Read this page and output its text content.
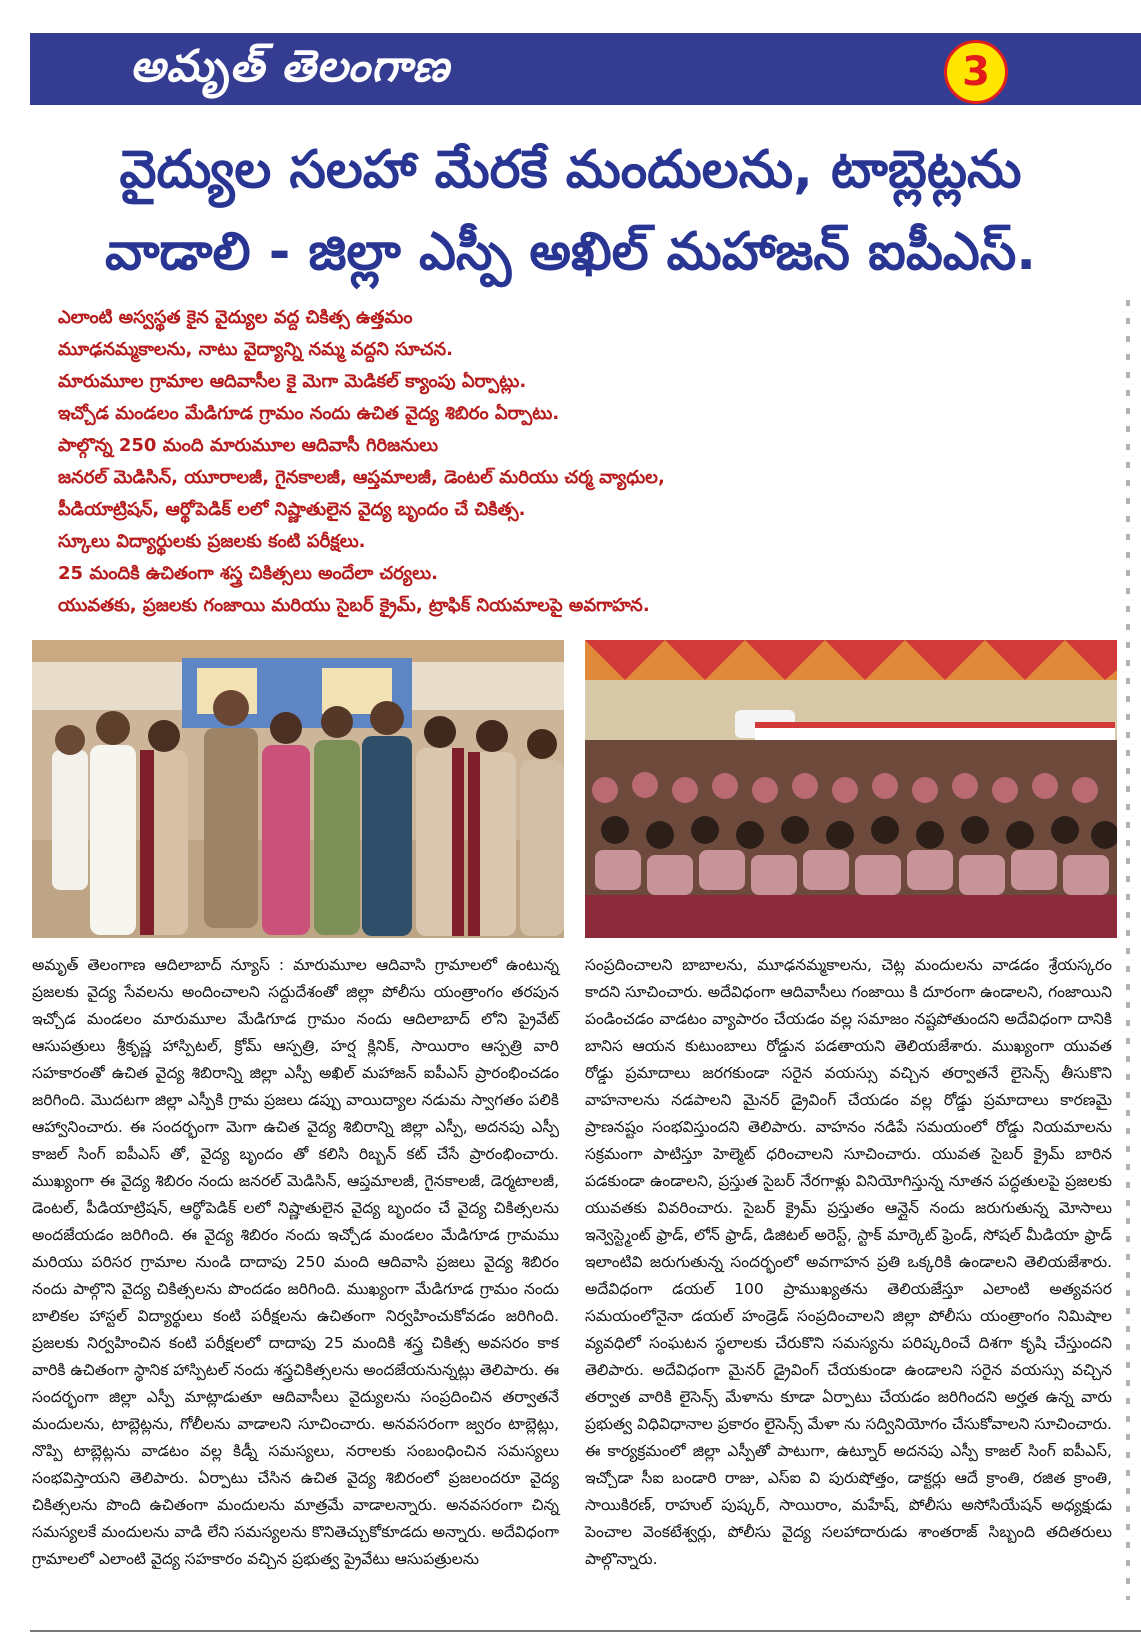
అమృత్ తెలంగాణ	3
వైద్యుల సలహా మేరకే మందులను, టాబ్లెట్లను
వాడాలి - జిల్లా ఎస్పీ అఖిల్ మహాజన్ ఐపీఎస్.
ఎలాంటి అస్వస్థత కైన వైద్యుల వద్ద చికిత్స ఉత్తమం
మూఢనమ్మకాలను, నాటు వైద్యాన్ని నమ్మ వద్దని సూచన.
మారుమూల గ్రామాల ఆదివాసీల కై మెగా మెడికల్ క్యాంపు ఏర్పాట్లు.
ఇచ్చోడ మండలం మేడిగూడ గ్రామం నందు ఉచిత వైద్య శిబిరం ఏర్పాటు.
పాల్గొన్న 250 మంది మారుమూల ఆదివాసీ గిరిజనులు
జనరల్ మెడిసిన్, యూరాలజీ, గైనకాలజీ, ఆప్తమాలజీ, డెంటల్ మరియు చర్మ వ్యాధుల,
పీడియాట్రిషన్, ఆర్థోపెడిక్ లలో నిష్ణాతులైన వైద్య బృందం చే చికిత్స.
స్కూలు విద్యార్థులకు ప్రజలకు కంటి పరీక్షలు.
25 మందికి ఉచితంగా శస్త్ర చికిత్సలు అందేలా చర్యలు.
యువతకు, ప్రజలకు గంజాయి మరియు సైబర్ క్రైమ్, ట్రాఫిక్ నియమాలపై అవగాహన.

అమృత్ తెలంగాణ ఆదిలాబాద్ న్యూస్ : మారుమూల ఆదివాసి గ్రామాలలో ఉంటున్న ప్రజలకు వైద్య సేవలను అందించాలని సద్దుదేశంతో జిల్లా పోలీసు యంత్రాంగం తరపున ఇచ్చోడ మండలం మారుమూల మేడిగూడ గ్రామం నందు ఆదిలాబాద్ లోని ప్రైవేట్ ఆసుపత్రులు శ్రీకృష్ణ హాస్పిటల్, క్రోమ్ ఆస్పత్రి, హర్ష క్లినిక్, సాయిరాం ఆస్పత్రి వారి సహకారంతో ఉచిత వైద్య శిబిరాన్ని జిల్లా ఎస్పీ అఖిల్ మహాజన్ ఐపీఎస్ ప్రారంభించడం జరిగింది. మొదటగా జిల్లా ఎస్పీకి గ్రామ ప్రజలు డప్పు వాయిద్యాల నడుమ స్వాగతం పలికి ఆహ్వానించారు. ఈ సందర్భంగా మెగా ఉచిత వైద్య శిబిరాన్ని జిల్లా ఎస్పీ, అదనపు ఎస్పీ కాజల్ సింగ్ ఐపీఎస్ తో, వైద్య బృందం తో కలిసి రిబ్బన్ కట్ చేసే ప్రారంభించారు. ముఖ్యంగా ఈ వైద్య శిబిరం నందు జనరల్ మెడిసిన్, ఆప్తమాలజీ, గైనకాలజీ, డెర్మటాలజీ, డెంటల్, పీడియాట్రిషన్, ఆర్థోపెడిక్ లలో నిష్ణాతులైన వైద్య బృందం చే వైద్య చికిత్సలను అందజేయడం జరిగింది. ఈ వైద్య శిబిరం నందు ఇచ్చోడ మండలం మేడిగూడ గ్రామము మరియు పరిసర గ్రామాల నుండి దాదాపు 250 మంది ఆదివాసి ప్రజలు వైద్య శిబిరం నందు పాల్గొని వైద్య చికిత్సలను పొందడం జరిగింది. ముఖ్యంగా మేడిగూడ గ్రామం నందు బాలికల హాస్టల్ విద్యార్థులు కంటి పరీక్షలను ఉచితంగా నిర్వహించుకోవడం జరిగింది. ప్రజలకు నిర్వహించిన కంటి పరీక్షలలో దాదాపు 25 మందికి శస్త్ర చికిత్స అవసరం కాక వారికి ఉచితంగా స్థానిక హాస్పిటల్ నందు శస్త్రచికిత్సలను అందజేయనున్నట్లు తెలిపారు. ఈ సందర్భంగా జిల్లా ఎస్పీ మాట్లాడుతూ ఆదివాసీలు వైద్యులను సంప్రదించిన తర్వాతనే మందులను, టాబ్లెట్లను, గోలీలను వాడాలని సూచించారు. అనవసరంగా జ్వరం టాబ్లెట్లు, నొప్పి టాబ్లెట్లను వాడటం వల్ల కిడ్నీ సమస్యలు, నరాలకు సంబంధించిన సమస్యలు సంభవిస్తాయని తెలిపారు. ఏర్పాటు చేసిన ఉచిత వైద్య శిబిరంలో ప్రజలందరూ వైద్య చికిత్సలను పొంది ఉచితంగా మందులను మాత్రమే వాడాలన్నారు. అనవసరంగా చిన్న సమస్యలకే మందులను వాడి లేని సమస్యలను కొనితెచ్చుకోకూడదు అన్నారు. అదేవిధంగా గ్రామాలలో ఎలాంటి వైద్య సహకారం వచ్చిన ప్రభుత్వ ప్రైవేటు ఆసుపత్రులను

సంప్రదించాలని బాబాలను, మూఢనమ్మకాలను, చెట్ల మందులను వాడడం శ్రేయస్కరం కాదని సూచించారు. అదేవిధంగా ఆదివాసీలు గంజాయి కి దూరంగా ఉండాలని, గంజాయిని పండించడం వాడటం వ్యాపారం చేయడం వల్ల సమాజం నష్టపోతుందని అదేవిధంగా దానికి బానిస ఆయన కుటుంబాలు రోడ్డున పడతాయని తెలియజేశారు. ముఖ్యంగా యువత రోడ్డు ప్రమాదాలు జరగకుండా సరైన వయస్సు వచ్చిన తర్వాతనే లైసెన్స్ తీసుకొని వాహనాలను నడపాలని మైనర్ డ్రైవింగ్ చేయడం వల్ల రోడ్డు ప్రమాదాలు కారణమై ప్రాణనష్టం సంభవిస్తుందని తెలిపారు. వాహనం నడిపే సమయంలో రోడ్డు నియమాలను సక్రమంగా పాటిస్తూ హెల్మెట్ ధరించాలని సూచించారు. యువత సైబర్ క్రైమ్ బారిన పడకుండా ఉండాలని, ప్రస్తుత సైబర్ నేరగాళ్లు వినియోగిస్తున్న నూతన పద్ధతులపై ప్రజలకు యువతకు వివరించారు. సైబర్ క్రైమ్ ప్రస్తుతం ఆన్లైన్ నందు జరుగుతున్న మోసాలు ఇన్వెస్ట్మెంట్ ఫ్రాడ్, లోన్ ఫ్రాడ్, డిజిటల్ అరెస్ట్, స్టాక్ మార్కెట్ ఫ్రెండ్, సోషల్ మీడియా ఫ్రాడ్ ఇలాంటివి జరుగుతున్న సందర్భంలో అవగాహన ప్రతి ఒక్కరికి ఉండాలని తెలియజేశారు. అదేవిధంగా డయల్ 100 ప్రాముఖ్యతను తెలియజేస్తూ ఎలాంటి అత్యవసర సమయంలోనైనా డయల్ హండ్రెడ్ సంప్రదించాలని జిల్లా పోలీసు యంత్రాంగం నిమిషాల వ్యవధిలో సంఘటన స్థలాలకు చేరుకొని సమస్యను పరిష్కరించే దిశగా కృషి చేస్తుందని తెలిపారు. అదేవిధంగా మైనర్ డ్రైవింగ్ చేయకుండా ఉండాలని సరైన వయస్సు వచ్చిన తర్వాత వారికి లైసెన్స్ మేళాను కూడా ఏర్పాటు చేయడం జరిగిందని అర్హత ఉన్న వారు ప్రభుత్వ విధివిధానాల ప్రకారం లైసెన్స్ మేళా ను సద్వినియోగం చేసుకోవాలని సూచించారు. ఈ కార్యక్రమంలో జిల్లా ఎస్పీతో పాటుగా, ఉట్నూర్ అదనపు ఎస్పీ కాజల్ సింగ్ ఐపీఎస్, ఇచ్చోడా సీఐ బండారి రాజు, ఎస్ఐ వి పురుషోత్తం, డాక్టర్లు ఆదే క్రాంతి, రజిత క్రాంతి, సాయికిరణ్, రాహుల్ పుష్కర్, సాయిరాం, మహేష్, పోలీసు అసోసియేషన్ అధ్యక్షుడు పెంచాల వెంకటేశ్వర్లు, పోలీసు వైద్య సలహాదారుడు శాంతరాజ్ సిబ్బంది తదితరులు పాల్గొన్నారు.
